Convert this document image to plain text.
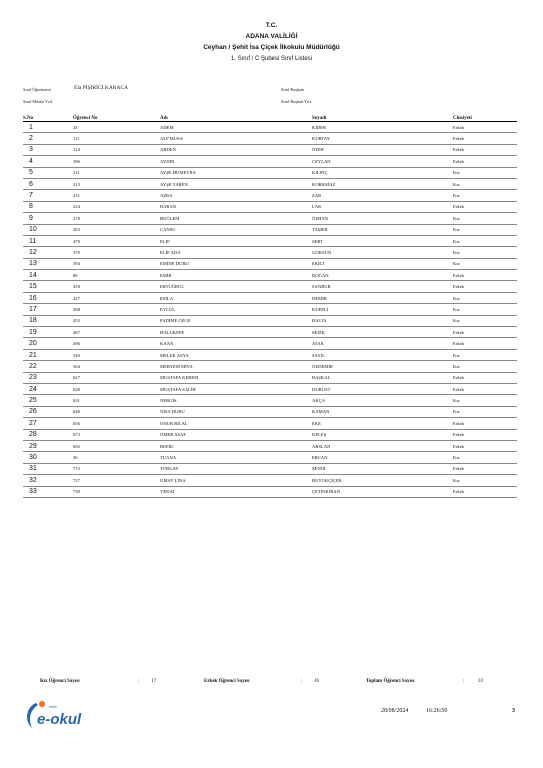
T.C.
ADANA VALİLİĞİ
Ceyhan / Şehit İsa Çiçek İlkokulu Müdürlüğü
1. Sınıf / C Şubesi Sınıf Listesi
Sınıf Öğretmeni	Ela PİŞİRİCİ KARACA	Sınıf Başkanı
Sınıf Müdür Yrd.	Sınıf Başkan Yrd.
S.No	Öğrenci No	Adı	Soyadı	Cinsiyeti
1	43	ADEM	KİDER	Erkek
2	111	ALP MUSA	KURTAY	Erkek
3	124	ARDEN	ÖZER	Erkek
4	196	AYDIN	CEYLAN	Erkek
5	211	AYŞE HUMEYRA	KILINÇ	Kız
6	213	AYŞE YAREN	KORKMAZ	Kız
7	231	AZRA	ZAR	Kız
8	234	BARAN	LAK	Erkek
9	278	BUĞLEM	ÖZHAN	Kız
10	283	CANSU	TAMER	Kız
11	479	ELİF	SERT	Kız
12	370	ELİF ADA	GÖKSUN	Kız
13	394	EMİNE DURU	EKİCİ	Kız
14	80	EMİR	DOĞAN	Erkek
15	418	ERTUĞRUL	SANBUR	Erkek
16	427	ESİLA	DEMİR	Kız
17	308	EYLÜL	KUPELİ	Kız
18	453	FADİME ÖZGE	BALTA	Kız
19	467	HALUKEFE	SEZİK	Erkek
20	496	KAAN	ATAK	Erkek
21	549	MELEK ASYA	SAYIL	Kız
22	564	MERYEM MİVA	ÖZDEMİR	Kız
23	627	MUSTAFA KEREM	BAŞKAL	Erkek
24	628	MUSTAFA SALİH	DURUST	Erkek
25	631	NERGİS	AKÇA	Kız
26	648	NİSA DURU	KAMAN	Kız
27	656	ONUR BİLAL	EKE	Erkek
28	673	ÖMER ASAF	KELEŞ	Erkek
29	692	REFİK	ARSLAN	Erkek
30	36	TUANA	ERCAN	Kız
31	713	TURGAY	ŞENOL	Erkek
32	727	UMAY LİNA	BUYUKÇİÇEK	Kız
33	730	VEDAT	ÇETİNKIRAN	Erkek
Kız Öğrenci Sayısı	: 17	Erkek Öğrenci Sayısı	: 16	Toplam Öğrenci Sayısı	:	33
meb
e-okul	28/08/2024	16:26:50	3
